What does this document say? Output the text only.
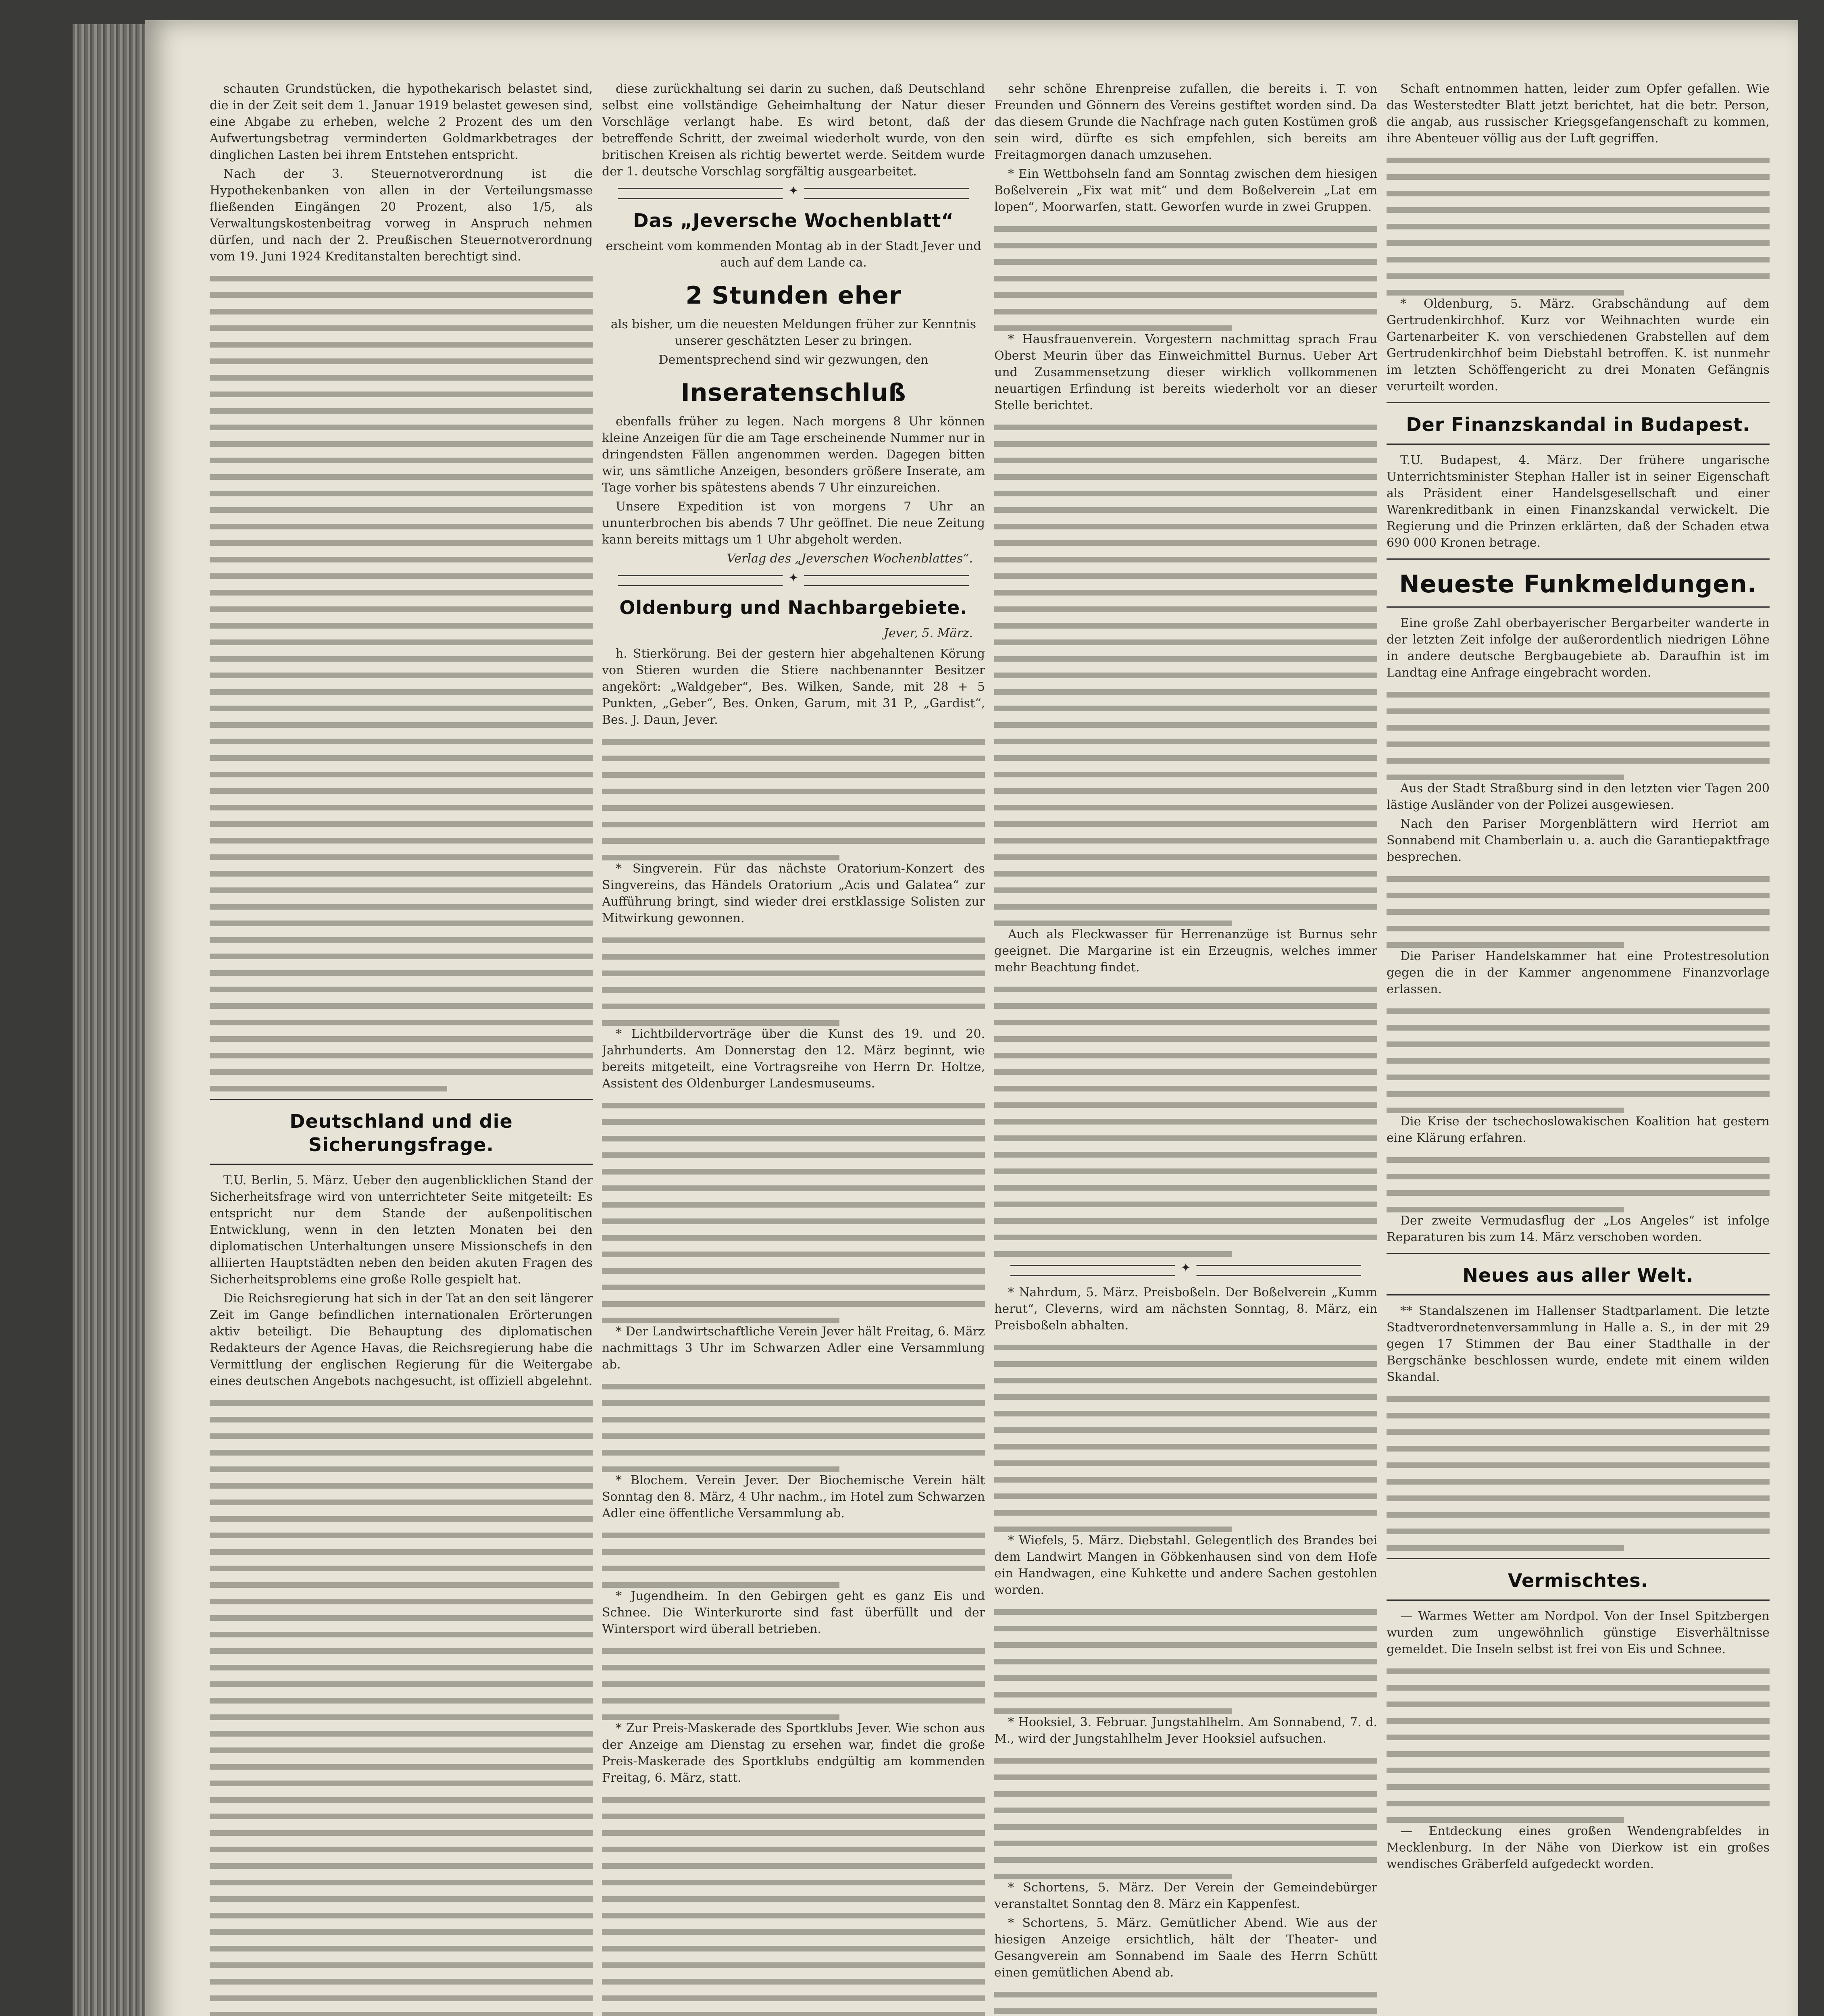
schauten Grundstücken, die hypothekarisch belastet sind, die in der Zeit seit dem 1. Januar 1919 belastet gewesen sind, eine Abgabe zu erheben, welche 2 Prozent des um den Aufwertungsbetrag verminderten Goldmarkbetrages der dinglichen Lasten bei ihrem Entstehen entspricht.

Nach der 3. Steuernotverordnung ist die Hypothekenbanken von allen in der Verteilungsmasse fließenden Eingängen 20 Prozent, also 1/5, als Verwaltungskostenbeitrag vorweg in Anspruch nehmen dürfen, und nach der 2. Preußischen Steuernotverordnung vom 19. Juni 1924 Kreditanstalten berechtigt sind.

Deutschland und die Sicherungsfrage.

T.U. Berlin, 5. März. Ueber den augenblicklichen Stand der Sicherheitsfrage wird von unterrichteter Seite mitgeteilt: Es entspricht nur dem Stande der außenpolitischen Entwicklung, wenn in den letzten Monaten bei den diplomatischen Unterhaltungen unsere Missionschefs in den alliierten Hauptstädten neben den beiden akuten Fragen des Sicherheitsproblems eine große Rolle gespielt hat.

Die Reichsregierung hat sich in der Tat an den seit längerer Zeit im Gange befindlichen internationalen Erörterungen aktiv beteiligt. Die Behauptung des diplomatischen Redakteurs der Agence Havas, die Reichsregierung habe die Vermittlung der englischen Regierung für die Weitergabe eines deutschen Angebots nachgesucht, ist offiziell abgelehnt.

diese zurückhaltung sei darin zu suchen, daß Deutschland selbst eine vollständige Geheimhaltung der Natur dieser Vorschläge verlangt habe. Es wird betont, daß der betreffende Schritt, der zweimal wiederholt wurde, von den britischen Kreisen als richtig bewertet werde. Seitdem wurde der 1. deutsche Vorschlag sorgfältig ausgearbeitet.

✦
Das „Jeversche Wochenblatt“
erscheint vom kommenden Montag ab in der Stadt Jever und auch auf dem Lande ca.
2 Stunden eher
als bisher, um die neuesten Meldungen früher zur Kenntnis unserer geschätzten Leser zu bringen.
Dementsprechend sind wir gezwungen, den
Inseratenschluß

ebenfalls früher zu legen. Nach morgens 8 Uhr können kleine Anzeigen für die am Tage erscheinende Nummer nur in dringendsten Fällen angenommen werden. Dagegen bitten wir, uns sämtliche Anzeigen, besonders größere Inserate, am Tage vorher bis spätestens abends 7 Uhr einzureichen.

Unsere Expedition ist von morgens 7 Uhr an ununterbrochen bis abends 7 Uhr geöffnet. Die neue Zeitung kann bereits mittags um 1 Uhr abgeholt werden.

Verlag des „Jeverschen Wochenblattes“.
✦
Oldenburg und Nachbargebiete.
Jever, 5. März.

h. Stierkörung. Bei der gestern hier abgehaltenen Körung von Stieren wurden die Stiere nachbenannter Besitzer angekört: „Waldgeber“, Bes. Wilken, Sande, mit 28 + 5 Punkten, „Geber“, Bes. Onken, Garum, mit 31 P., „Gardist“, Bes. J. Daun, Jever.

* Singverein. Für das nächste Oratorium-Konzert des Singvereins, das Händels Oratorium „Acis und Galatea“ zur Aufführung bringt, sind wieder drei erstklassige Solisten zur Mitwirkung gewonnen.

* Lichtbildervorträge über die Kunst des 19. und 20. Jahrhunderts. Am Donnerstag den 12. März beginnt, wie bereits mitgeteilt, eine Vortragsreihe von Herrn Dr. Holtze, Assistent des Oldenburger Landesmuseums.

* Der Landwirtschaftliche Verein Jever hält Freitag, 6. März nachmittags 3 Uhr im Schwarzen Adler eine Versammlung ab.

* Blochem. Verein Jever. Der Biochemische Verein hält Sonntag den 8. März, 4 Uhr nachm., im Hotel zum Schwarzen Adler eine öffentliche Versammlung ab.

* Jugendheim. In den Gebirgen geht es ganz Eis und Schnee. Die Winterkurorte sind fast überfüllt und der Wintersport wird überall betrieben.

* Zur Preis-Maskerade des Sportklubs Jever. Wie schon aus der Anzeige am Dienstag zu ersehen war, findet die große Preis-Maskerade des Sportklubs endgültig am kommenden Freitag, 6. März, statt.

sehr schöne Ehrenpreise zufallen, die bereits i. T. von Freunden und Gönnern des Vereins gestiftet worden sind. Da das diesem Grunde die Nachfrage nach guten Kostümen groß sein wird, dürfte es sich empfehlen, sich bereits am Freitagmorgen danach umzusehen.

* Ein Wettbohseln fand am Sonntag zwischen dem hiesigen Boßelverein „Fix wat mit“ und dem Boßelverein „Lat em lopen“, Moorwarfen, statt. Geworfen wurde in zwei Gruppen.

* Hausfrauenverein. Vorgestern nachmittag sprach Frau Oberst Meurin über das Einweichmittel Burnus. Ueber Art und Zusammensetzung dieser wirklich vollkommenen neuartigen Erfindung ist bereits wiederholt vor an dieser Stelle berichtet.

Auch als Fleckwasser für Herrenanzüge ist Burnus sehr geeignet. Die Margarine ist ein Erzeugnis, welches immer mehr Beachtung findet.

✦

* Nahrdum, 5. März. Preisboßeln. Der Boßelverein „Kumm herut“, Cleverns, wird am nächsten Sonntag, 8. März, ein Preisboßeln abhalten.

* Wiefels, 5. März. Diebstahl. Gelegentlich des Brandes bei dem Landwirt Mangen in Göbkenhausen sind von dem Hofe ein Handwagen, eine Kuhkette und andere Sachen gestohlen worden.

* Hooksiel, 3. Februar. Jungstahlhelm. Am Sonnabend, 7. d. M., wird der Jungstahlhelm Jever Hooksiel aufsuchen.

* Schortens, 5. März. Der Verein der Gemeindebürger veranstaltet Sonntag den 8. März ein Kappenfest.

* Schortens, 5. März. Gemütlicher Abend. Wie aus der hiesigen Anzeige ersichtlich, hält der Theater- und Gesangverein am Sonnabend im Saale des Herrn Schütt einen gemütlichen Abend ab.

Schaft entnommen hatten, leider zum Opfer gefallen. Wie das Westerstedter Blatt jetzt berichtet, hat die betr. Person, die angab, aus russischer Kriegsgefangenschaft zu kommen, ihre Abenteuer völlig aus der Luft gegriffen.

* Oldenburg, 5. März. Grabschändung auf dem Gertrudenkirchhof. Kurz vor Weihnachten wurde ein Gartenarbeiter K. von verschiedenen Grabstellen auf dem Gertrudenkirchhof beim Diebstahl betroffen. K. ist nunmehr im letzten Schöffengericht zu drei Monaten Gefängnis verurteilt worden.

Der Finanzskandal in Budapest.

T.U. Budapest, 4. März. Der frühere ungarische Unterrichtsminister Stephan Haller ist in seiner Eigenschaft als Präsident einer Handelsgesellschaft und einer Warenkreditbank in einen Finanzskandal verwickelt. Die Regierung und die Prinzen erklärten, daß der Schaden etwa 690 000 Kronen betrage.

Neueste Funkmeldungen.

Eine große Zahl oberbayerischer Bergarbeiter wanderte in der letzten Zeit infolge der außerordentlich niedrigen Löhne in andere deutsche Bergbaugebiete ab. Daraufhin ist im Landtag eine Anfrage eingebracht worden.

Aus der Stadt Straßburg sind in den letzten vier Tagen 200 lästige Ausländer von der Polizei ausgewiesen.

Nach den Pariser Morgenblättern wird Herriot am Sonnabend mit Chamberlain u. a. auch die Garantiepaktfrage besprechen.

Die Pariser Handelskammer hat eine Protestresolution gegen die in der Kammer angenommene Finanzvorlage erlassen.

Die Krise der tschechoslowakischen Koalition hat gestern eine Klärung erfahren.

Der zweite Vermudasflug der „Los Angeles“ ist infolge Reparaturen bis zum 14. März verschoben worden.

Neues aus aller Welt.

** Standalszenen im Hallenser Stadtparlament. Die letzte Stadtverordnetenversammlung in Halle a. S., in der mit 29 gegen 17 Stimmen der Bau einer Stadthalle in der Bergschänke beschlossen wurde, endete mit einem wilden Skandal.

Vermischtes.

— Warmes Wetter am Nordpol. Von der Insel Spitzbergen wurden zum ungewöhnlich günstige Eisverhältnisse gemeldet. Die Inseln selbst ist frei von Eis und Schnee.

— Entdeckung eines großen Wendengrabfeldes in Mecklenburg. In der Nähe von Dierkow ist ein großes wendisches Gräberfeld aufgedeckt worden.
